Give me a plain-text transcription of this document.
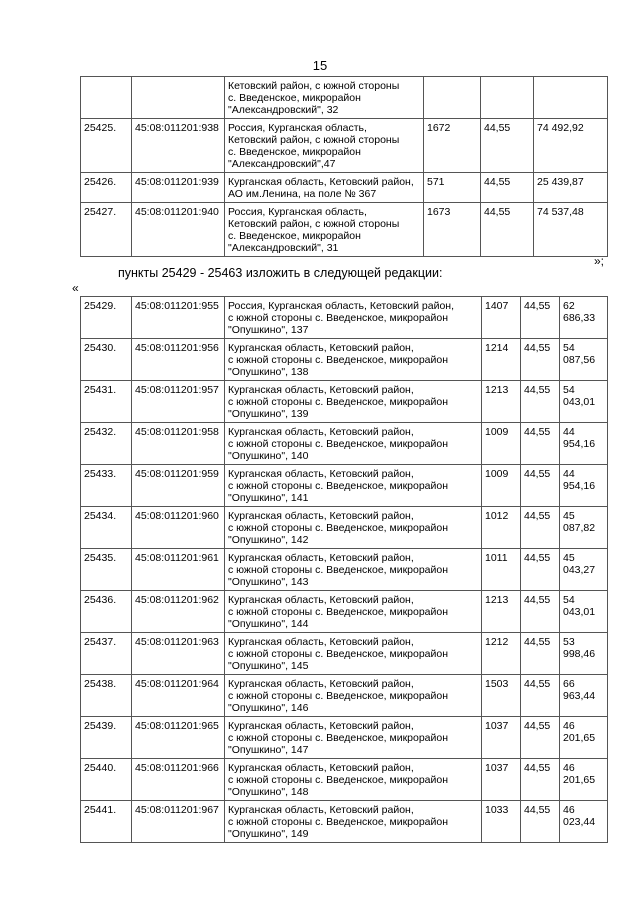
15
		Кетовский район, с южной стороны
с. Введенское, микрорайон
"Александровский", 32			
25425.	45:08:011201:938	Россия, Курганская область,
Кетовский район, с южной стороны
с. Введенское, микрорайон
"Александровский",47	1672	44,55	74 492,92
25426.	45:08:011201:939	Курганская область, Кетовский район,
АО им.Ленина, на поле № 367	571	44,55	25 439,87
25427.	45:08:011201:940	Россия, Курганская область,
Кетовский район, с южной стороны
с. Введенское, микрорайон
"Александровский", 31	1673	44,55	74 537,48
»;
пункты 25429 - 25463 изложить в следующей редакции:
«
25429.	45:08:011201:955	Россия, Курганская область, Кетовский район,
с южной стороны с. Введенское, микрорайон
"Опушкино", 137	1407	44,55	62 686,33
25430.	45:08:011201:956	Курганская область, Кетовский район,
с южной стороны с. Введенское, микрорайон
"Опушкино", 138	1214	44,55	54 087,56
25431.	45:08:011201:957	Курганская область, Кетовский район,
с южной стороны с. Введенское, микрорайон
"Опушкино", 139	1213	44,55	54 043,01
25432.	45:08:011201:958	Курганская область, Кетовский район,
с южной стороны с. Введенское, микрорайон
"Опушкино", 140	1009	44,55	44 954,16
25433.	45:08:011201:959	Курганская область, Кетовский район,
с южной стороны с. Введенское, микрорайон
"Опушкино", 141	1009	44,55	44 954,16
25434.	45:08:011201:960	Курганская область, Кетовский район,
с южной стороны с. Введенское, микрорайон
"Опушкино", 142	1012	44,55	45 087,82
25435.	45:08:011201:961	Курганская область, Кетовский район,
с южной стороны с. Введенское, микрорайон
"Опушкино", 143	1011	44,55	45 043,27
25436.	45:08:011201:962	Курганская область, Кетовский район,
с южной стороны с. Введенское, микрорайон
"Опушкино", 144	1213	44,55	54 043,01
25437.	45:08:011201:963	Курганская область, Кетовский район,
с южной стороны с. Введенское, микрорайон
"Опушкино", 145	1212	44,55	53 998,46
25438.	45:08:011201:964	Курганская область, Кетовский район,
с южной стороны с. Введенское, микрорайон
"Опушкино", 146	1503	44,55	66 963,44
25439.	45:08:011201:965	Курганская область, Кетовский район,
с южной стороны с. Введенское, микрорайон
"Опушкино", 147	1037	44,55	46 201,65
25440.	45:08:011201:966	Курганская область, Кетовский район,
с южной стороны с. Введенское, микрорайон
"Опушкино", 148	1037	44,55	46 201,65
25441.	45:08:011201:967	Курганская область, Кетовский район,
с южной стороны с. Введенское, микрорайон
"Опушкино", 149	1033	44,55	46 023,44
